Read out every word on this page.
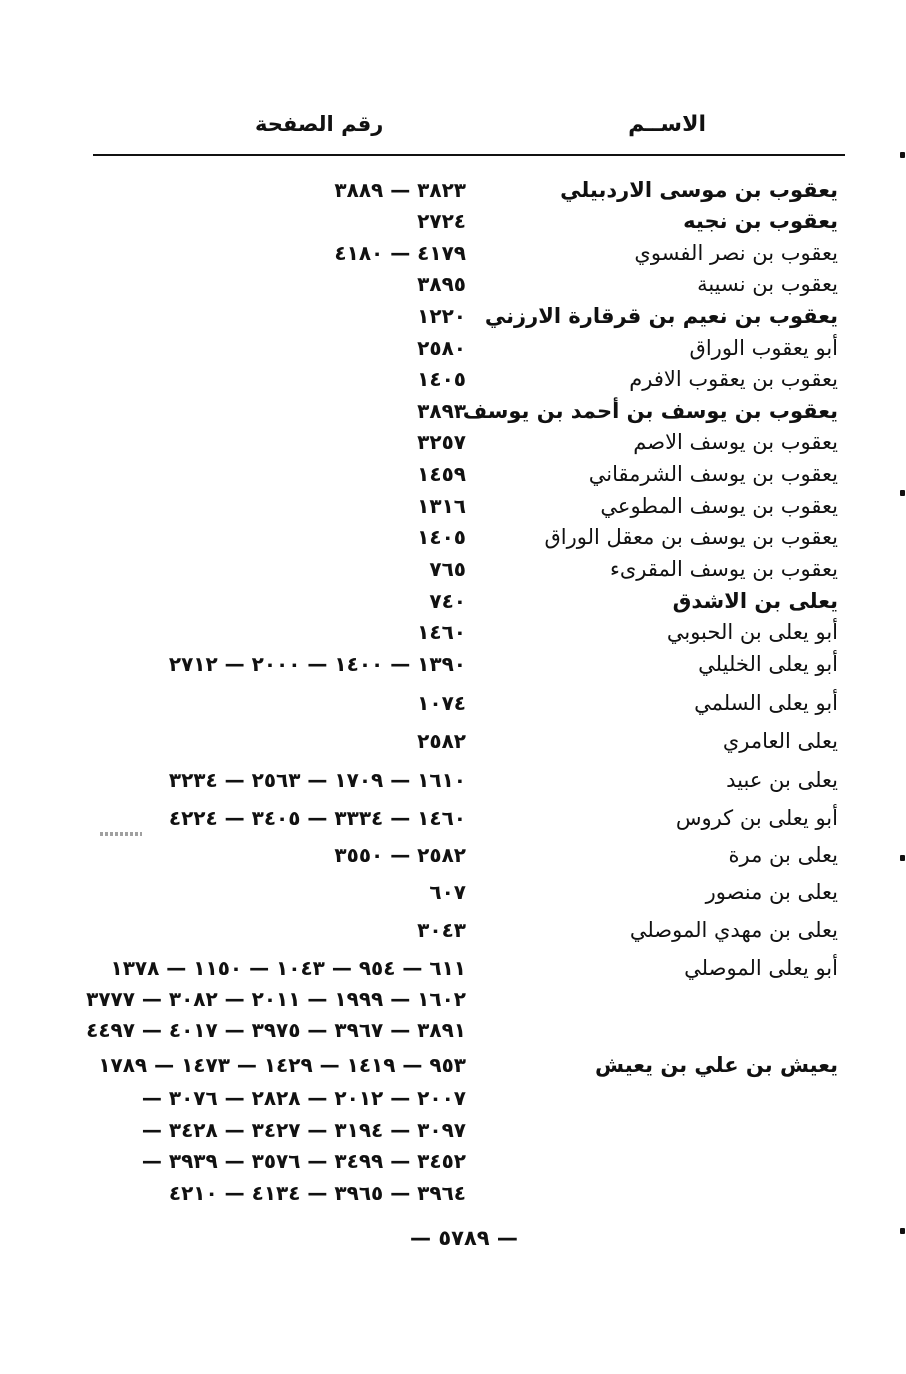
الاســم
رقم الصفحة
يعقوب بن موسى الاردبيلي
٣٨٢٣ — ٣٨٨٩
يعقوب بن نجيه
٢٧٢٤
يعقوب بن نصر الفسوي
٤١٧٩ — ٤١٨٠
يعقوب بن نسيبة
٣٨٩٥
يعقوب بن نعيم بن قرقارة الارزني
١٢٢٠
أبو يعقوب الوراق
٢٥٨٠
يعقوب بن يعقوب الافرم
١٤٠٥
يعقوب بن يوسف بن أحمد بن يوسف
٣٨٩٣
يعقوب بن يوسف الاصم
٣٢٥٧
يعقوب بن يوسف الشرمقاني
١٤٥٩
يعقوب بن يوسف المطوعي
١٣١٦
يعقوب بن يوسف بن معقل الوراق
١٤٠٥
يعقوب بن يوسف المقرىء
٧٦٥
يعلى بن الاشدق
٧٤٠
أبو يعلى بن الحبوبي
١٤٦٠
أبو يعلى الخليلي
١٣٩٠ — ١٤٠٠ — ٢٠٠٠ — ٢٧١٢
أبو يعلى السلمي
١٠٧٤
يعلى العامري
٢٥٨٢
يعلى بن عبيد
١٦١٠ — ١٧٠٩ — ٢٥٦٣ — ٣٢٣٤
أبو يعلى بن كروس
١٤٦٠ — ٣٣٣٤ — ٣٤٠٥ — ٤٢٢٤
يعلى بن مرة
٢٥٨٢ — ٣٥٥٠
يعلى بن منصور
٦٠٧
يعلى بن مهدي الموصلي
٣٠٤٣
أبو يعلى الموصلي
٦١١ — ٩٥٤ — ١٠٤٣ — ١١٥٠ — ١٣٧٨
١٦٠٢ — ١٩٩٩ — ٢٠١١ — ٣٠٨٢ — ٣٧٧٧
٣٨٩١ — ٣٩٦٧ — ٣٩٧٥ — ٤٠١٧ — ٤٤٩٧
يعيش بن علي بن يعيش
٩٥٣ — ١٤١٩ — ١٤٢٩ — ١٤٧٣ — ١٧٨٩
٢٠٠٧ — ٢٠١٢ — ٢٨٢٨ — ٣٠٧٦ —
٣٠٩٧ — ٣١٩٤ — ٣٤٢٧ — ٣٤٢٨ —
٣٤٥٢ — ٣٤٩٩ — ٣٥٧٦ — ٣٩٣٩ —
٣٩٦٤ — ٣٩٦٥ — ٤١٣٤ — ٤٢١٠
— ٥٧٨٩ —
